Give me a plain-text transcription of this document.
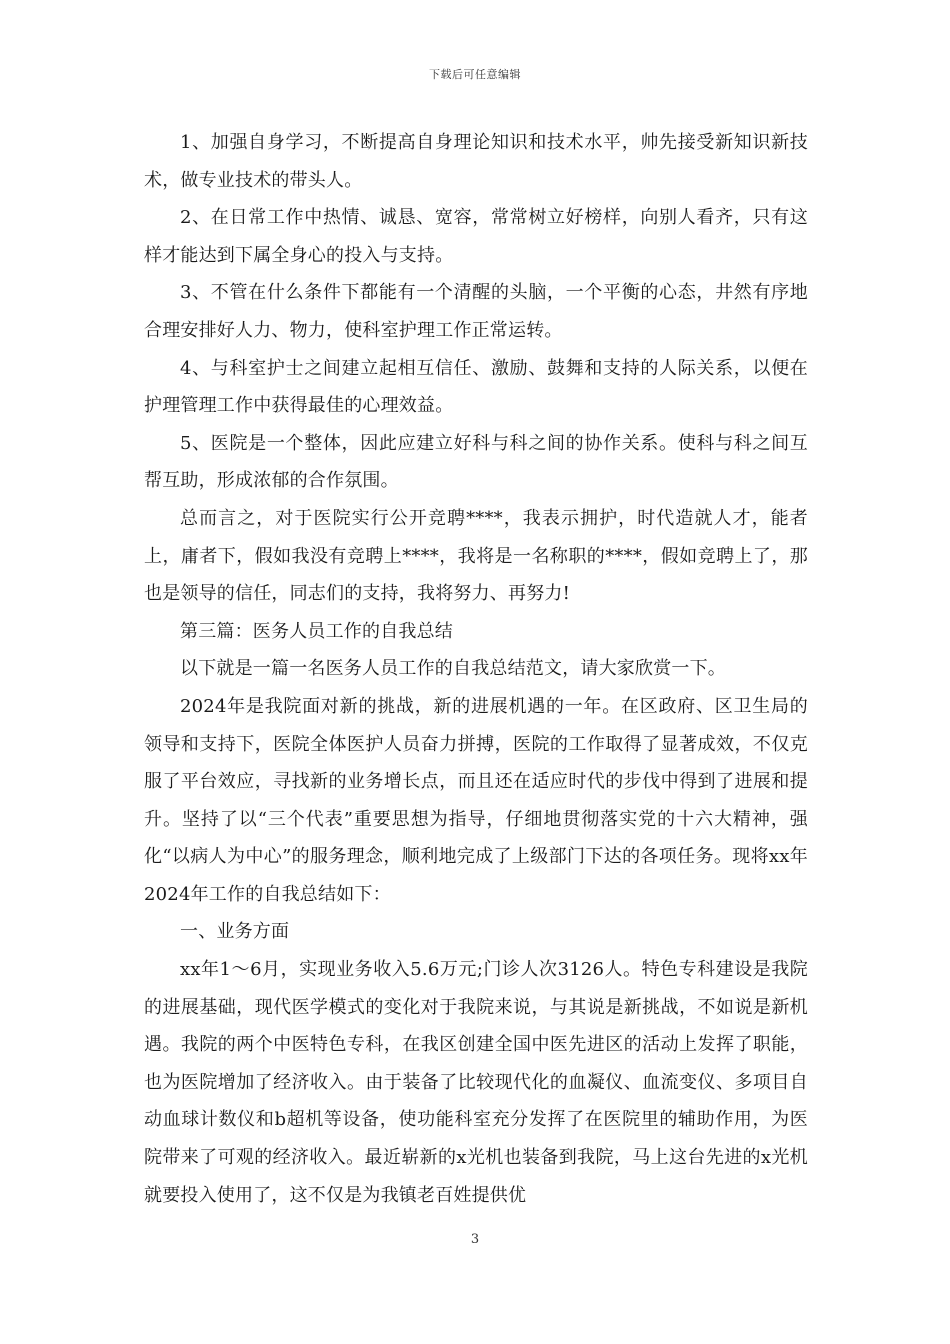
下载后可任意编辑

1、加强自身学习，不断提高自身理论知识和技术水平，帅先接受新知识新技术，做专业技术的带头人。

2、在日常工作中热情、诚恳、宽容，常常树立好榜样，向别人看齐，只有这样才能达到下属全身心的投入与支持。

3、不管在什么条件下都能有一个清醒的头脑，一个平衡的心态，井然有序地合理安排好人力、物力，使科室护理工作正常运转。

4、与科室护士之间建立起相互信任、激励、鼓舞和支持的人际关系，以便在护理管理工作中获得最佳的心理效益。

5、医院是一个整体，因此应建立好科与科之间的协作关系。使科与科之间互帮互助，形成浓郁的合作氛围。

总而言之，对于医院实行公开竞聘****，我表示拥护，时代造就人才，能者上，庸者下，假如我没有竞聘上****，我将是一名称职的****，假如竞聘上了，那也是领导的信任，同志们的支持，我将努力、再努力!

第三篇：医务人员工作的自我总结

以下就是一篇一名医务人员工作的自我总结范文，请大家欣赏一下。

2024年是我院面对新的挑战，新的进展机遇的一年。在区政府、区卫生局的领导和支持下，医院全体医护人员奋力拼搏，医院的工作取得了显著成效，不仅克服了平台效应，寻找新的业务增长点，而且还在适应时代的步伐中得到了进展和提升。坚持了以“三个代表”重要思想为指导，仔细地贯彻落实党的十六大精神，强化“以病人为中心”的服务理念，顺利地完成了上级部门下达的各项任务。现将xx年2024年工作的自我总结如下：

一、业务方面

xx年1～6月，实现业务收入5.6万元;门诊人次3126人。特色专科建设是我院的进展基础，现代医学模式的变化对于我院来说，与其说是新挑战，不如说是新机遇。我院的两个中医特色专科，在我区创建全国中医先进区的活动上发挥了职能，也为医院增加了经济收入。由于装备了比较现代化的血凝仪、血流变仪、多项目自动血球计数仪和b超机等设备，使功能科室充分发挥了在医院里的辅助作用，为医院带来了可观的经济收入。最近崭新的x光机也装备到我院，马上这台先进的x光机就要投入使用了，这不仅是为我镇老百姓提供优

3
